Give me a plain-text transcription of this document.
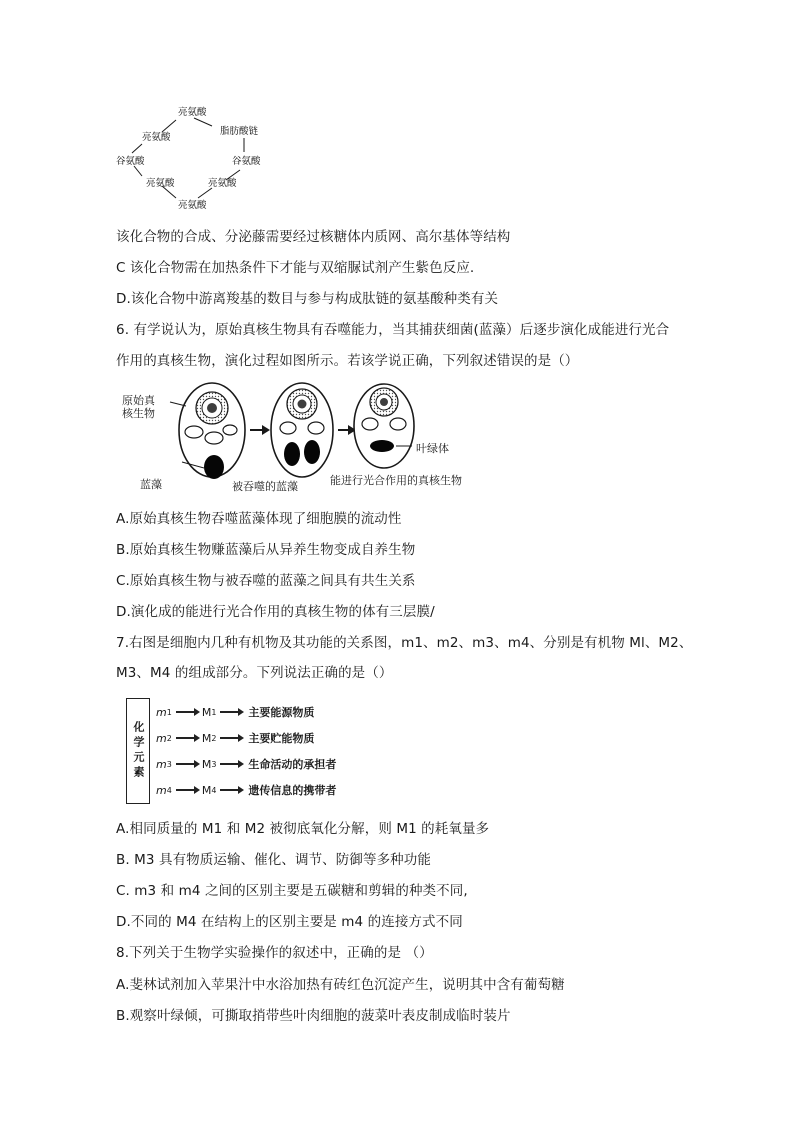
亮氨酸
脂肪酸链
谷氨酸
亮氨酸
亮氨酸
亮氨酸
谷氨酸
亮氨酸
该化合物的合成、分泌藤需要经过核糖体内质网、高尔基体等结构
C 该化合物需在加热条件下才能与双缩脲试剂产生紫色反应.
D.该化合物中游离羧基的数目与参与构成肽链的氨基酸种类有关
6. 有学说认为，原始真核生物具有吞噬能力，当其捕获细菌(蓝藻）后逐步演化成能进行光合
作用的真核生物，演化过程如图所示。若该学说正确，下列叙述错误的是（）
原始真
核生物
蓝藻	被吞噬的蓝藻	能进行光合作用的真核生物
叶绿体
A.原始真核生物吞噬蓝藻体现了细胞膜的流动性
B.原始真核生物赚蓝藻后从异养生物变成自养生物
C.原始真核生物与被吞噬的蓝藻之间具有共生关系
D.演化成的能进行光合作用的真核生物的体有三层膜/
7.右图是细胞内几种有机物及其功能的关系图，m1、m2、m3、m4、分别是有机物 Ml、M2、
M3、M4 的组成部分。下列说法正确的是（）
化学元素
m 1	M 1	主要能源物质
m 2	M 2	主要贮能物质
m 3	M 3	生命活动的承担者
m 4	M 4	遗传信息的携带者
A.相同质量的 M1 和 M2 被彻底氧化分解，则 M1 的耗氧量多
B. M3 具有物质运输、催化、调节、防御等多种功能
C. m3 和 m4 之间的区别主要是五碳糖和剪辑的种类不同,
D.不同的 M4 在结构上的区别主要是 m4 的连接方式不同
8.下列关于生物学实验操作的叙述中，正确的是 （）
A.斐林试剂加入苹果汁中水浴加热有砖红色沉淀产生，说明其中含有葡萄糖
B.观察叶绿倾，可撕取捎带些叶肉细胞的菠菜叶表皮制成临时装片
